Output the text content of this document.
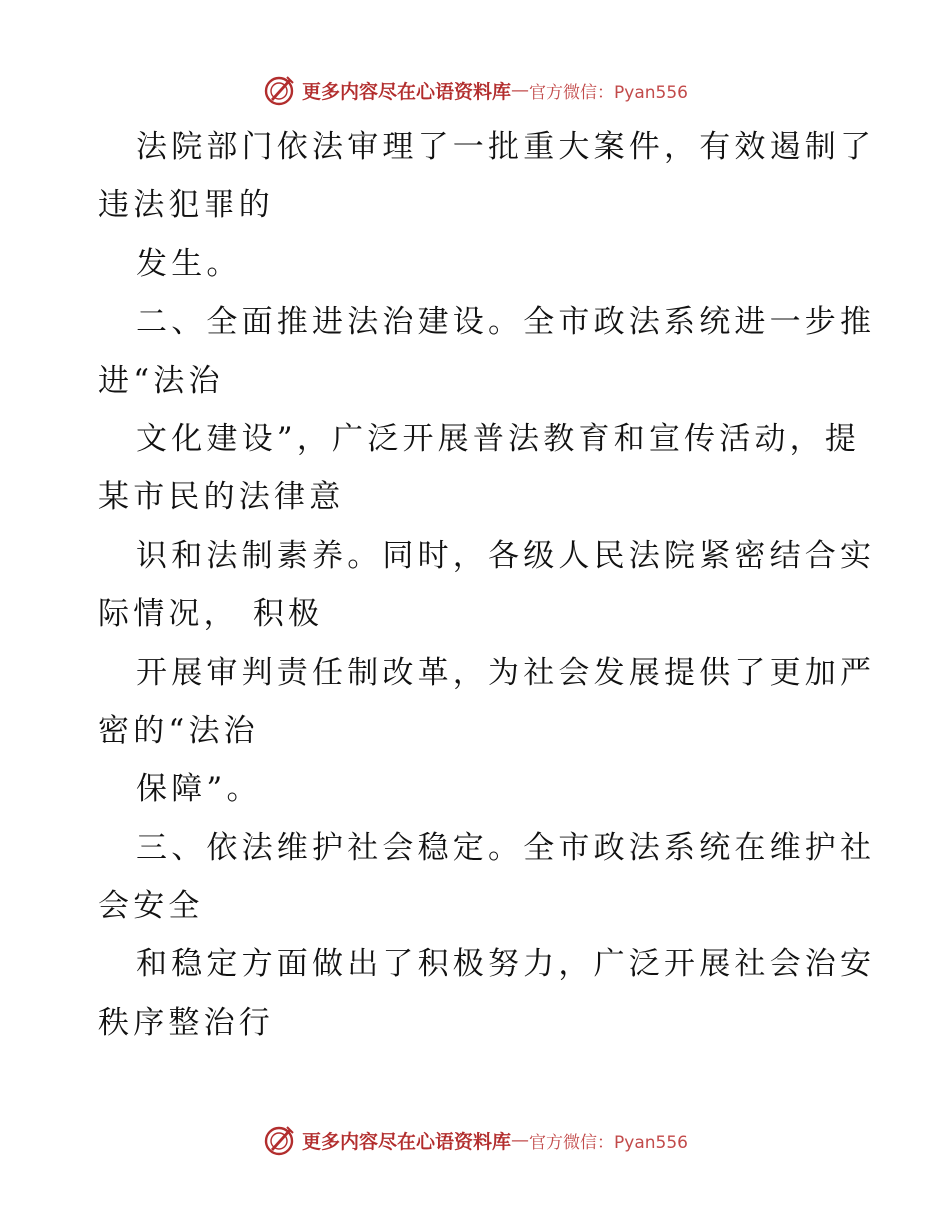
更多内容尽在心语资料库 — 官方微信：Pyan556
法院部门依法审理了一批重大案件，有效遏制了
违法犯罪的
发生。
二、全面推进法治建设。全市政法系统进一步推
进“法治
文化建设”，广泛开展普法教育和宣传活动，提
某市民的法律意
识和法制素养。同时，各级人民法院紧密结合实
际情况， 积极
开展审判责任制改革，为社会发展提供了更加严
密的“法治
保障”。
三、依法维护社会稳定。全市政法系统在维护社
会安全
和稳定方面做出了积极努力，广泛开展社会治安
秩序整治行
更多内容尽在心语资料库 — 官方微信：Pyan556
